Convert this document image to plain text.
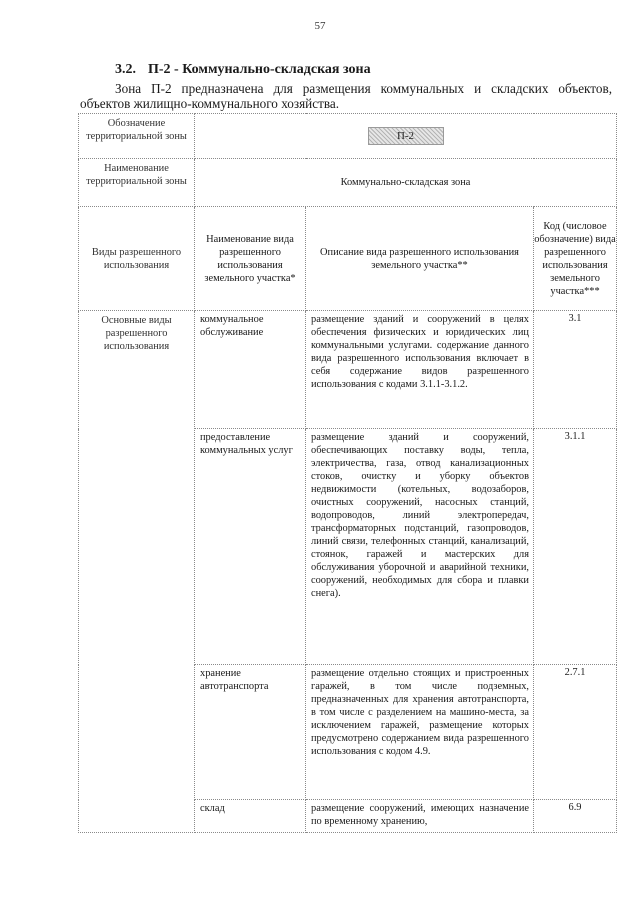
57
3.2. П-2 - Коммунально-складская зона
Зона П-2 предназначена для размещения коммунальных и складских объектов, объектов жилищно-коммунального хозяйства.
Обозначение территориальной зоны	П-2		
Наименование территориальной зоны	Коммунально-складская зона		
Виды разрешенного использования	Наименование вида разрешенного использования земельного участка*	Описание вида разрешенного использования земельного участка**	Код (числовое обозначение) вида разрешенного использования земельного участка***
Основные виды разрешенного использования	коммунальное обслуживание	размещение зданий и сооружений в целях обеспечения физических и юридических лиц коммунальными услугами. содержание данного вида разрешенного использования включает в себя содержание видов разрешенного использования с кодами 3.1.1-3.1.2.	3.1
	предоставление коммунальных услуг	размещение зданий и сооружений, обеспечивающих поставку воды, тепла, электричества, газа, отвод канализационных стоков, очистку и уборку объектов недвижимости (котельных, водозаборов, очистных сооружений, насосных станций, водопроводов, линий электропередач, трансформаторных подстанций, газопроводов, линий связи, телефонных станций, канализаций, стоянок, гаражей и мастерских для обслуживания уборочной и аварийной техники, сооружений, необходимых для сбора и плавки снега).	3.1.1
	хранение автотранспорта	размещение отдельно стоящих и пристроенных гаражей, в том числе подземных, предназначенных для хранения автотранспорта, в том числе с разделением на машино-места, за исключением гаражей, размещение которых предусмотрено содержанием вида разрешенного использования с кодом 4.9.	2.7.1
	склад	размещение сооружений, имеющих назначение по временному хранению,	6.9
